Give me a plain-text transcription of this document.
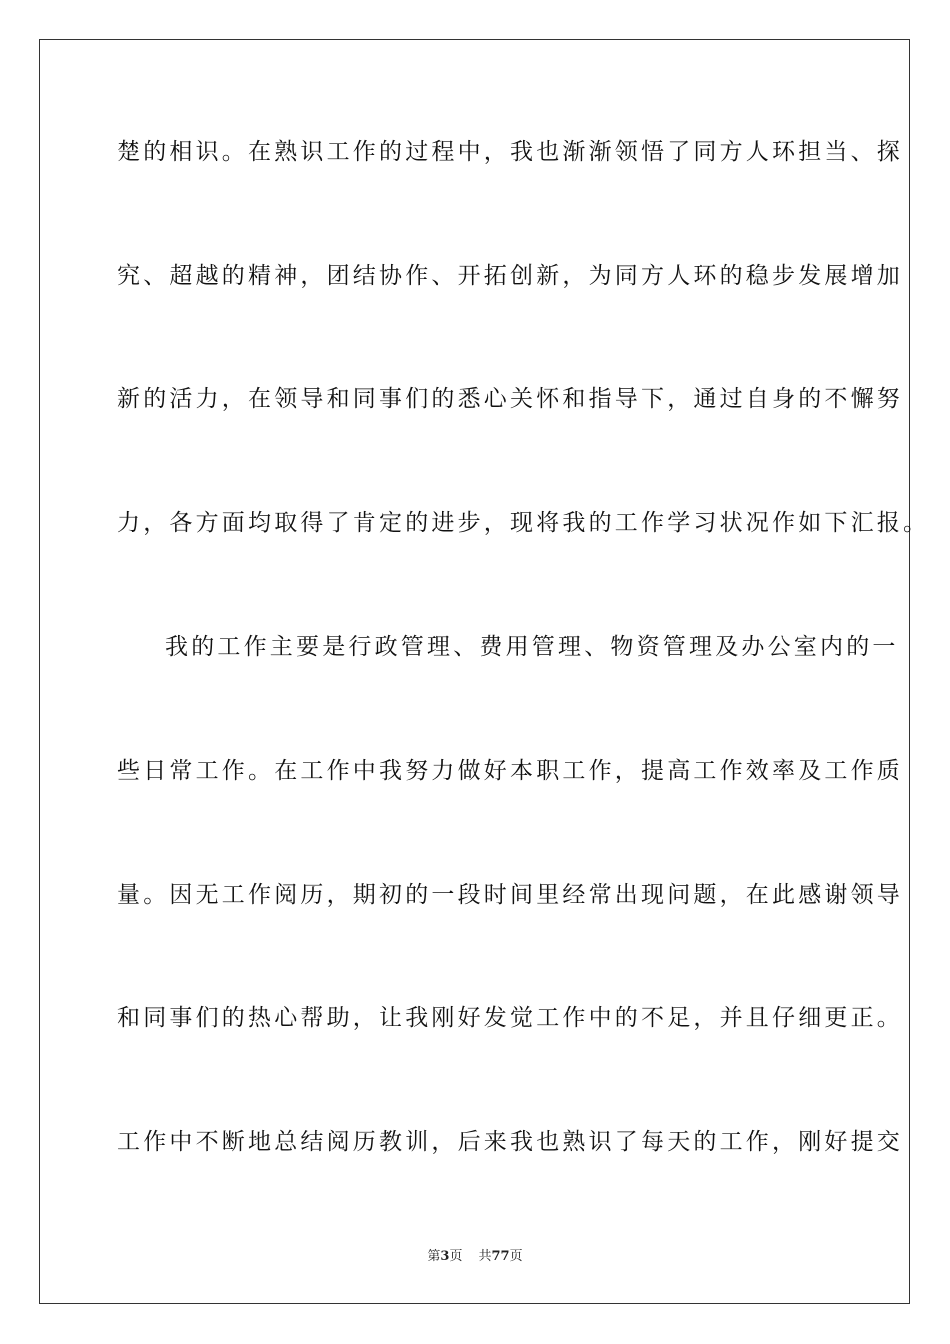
楚的相识。在熟识工作的过程中，我也渐渐领悟了同方人环担当、探
究、超越的精神，团结协作、开拓创新，为同方人环的稳步发展增加
新的活力，在领导和同事们的悉心关怀和指导下，通过自身的不懈努
力，各方面均取得了肯定的进步，现将我的工作学习状况作如下汇报。
我的工作主要是行政管理、费用管理、物资管理及办公室内的一
些日常工作。在工作中我努力做好本职工作，提高工作效率及工作质
量。因无工作阅历，期初的一段时间里经常出现问题，在此感谢领导
和同事们的热心帮助，让我刚好发觉工作中的不足，并且仔细更正。
工作中不断地总结阅历教训，后来我也熟识了每天的工作，刚好提交
第3页 共77页
